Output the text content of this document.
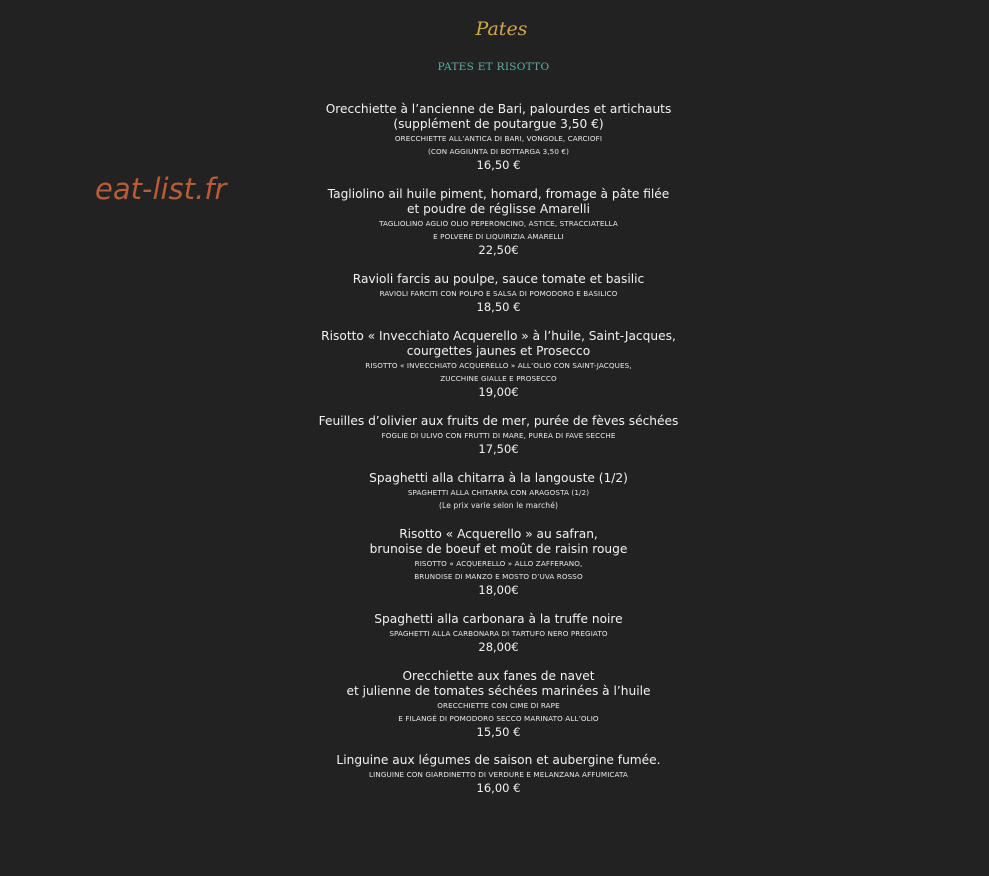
eat-list.fr
Pates
PATES ET RISOTTO
Orecchiette à l’ancienne de Bari, palourdes et artichauts
(supplément de poutargue 3,50 €)
ORECCHIETTE ALL’ANTICA DI BARI, VONGOLE, CARCIOFI
(CON AGGIUNTA DI BOTTARGA 3,50 €)
16,50 €
Tagliolino ail huile piment, homard, fromage à pâte filée
et poudre de réglisse Amarelli
TAGLIOLINO AGLIO OLIO PEPERONCINO, ASTICE, STRACCIATELLA
E POLVERE DI LIQUIRIZIA AMARELLI
22,50€
Ravioli farcis au poulpe, sauce tomate et basilic
RAVIOLI FARCITI CON POLPO E SALSA DI POMODORO E BASILICO
18,50 €
Risotto « Invecchiato Acquerello » à l’huile, Saint-Jacques,
courgettes jaunes et Prosecco
RISOTTO « INVECCHIATO ACQUERELLO » ALL’OLIO CON SAINT-JACQUES,
ZUCCHINE GIALLE E PROSECCO
19,00€
Feuilles d’olivier aux fruits de mer, purée de fèves séchées
FOGLIE DI ULIVO CON FRUTTI DI MARE, PUREA DI FAVE SECCHE
17,50€
Spaghetti alla chitarra à la langouste (1/2)
SPAGHETTI ALLA CHITARRA CON ARAGOSTA (1/2)
(Le prix varie selon le marché)
Risotto « Acquerello » au safran,
brunoise de boeuf et moût de raisin rouge
RISOTTO « ACQUERELLO » ALLO ZAFFERANO,
BRUNOISE DI MANZO E MOSTO D’UVA ROSSO
18,00€
Spaghetti alla carbonara à la truffe noire
SPAGHETTI ALLA CARBONARA DI TARTUFO NERO PREGIATO
28,00€
Orecchiette aux fanes de navet
et julienne de tomates séchées marinées à l’huile
ORECCHIETTE CON CIME DI RAPE
E FILANGÉ DI POMODORO SECCO MARINATO ALL’OLIO
15,50 €
Linguine aux légumes de saison et aubergine fumée.
LINGUINE CON GIARDINETTO DI VERDURE E MELANZANA AFFUMICATA
16,00 €
